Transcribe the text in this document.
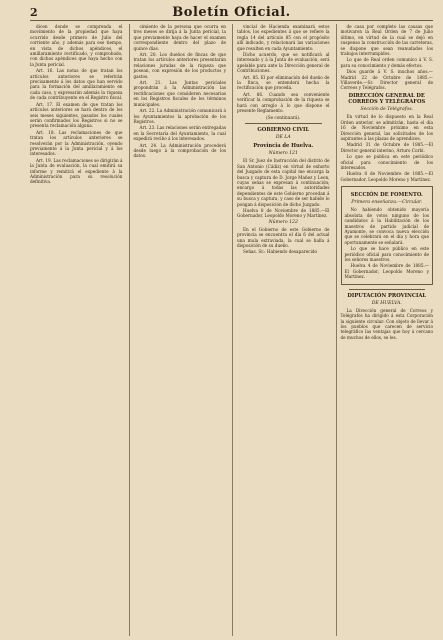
2	Boletín Oficial.

dicen donde se comprenda el movimiento de la propiedad que haya ocurrido desde primero de Julio del corriente año, y además para ese tiempo, en vista de dichos apéndices, el amillaramiento rectificado, y comprobado, con dichos apéndices que haya hecho con la Junta pericial.

Art. 16. Las notas de que tratan los artículos anteriores se referirán precisamente á los datos que han servido para la formación del amillaramiento en cada caso, y expresarán además la riqueza de cada contribuyente en el Registro fiscal.

Art. 17. El examen de que tratan los artículos anteriores se hará dentro de los seis meses siguientes, pasados los cuales serán confirmados los Registros si no se presenta reclamación alguna.

Art. 18. Las reclamaciones de que tratan los artículos anteriores se resolverán por la Administración, oyendo previamente á la Junta pericial y á los interesados.

Art. 19. Las reclamaciones se dirigirán á la Junta de evaluación, la cual emitirá su informe y remitirá el expediente á la Administración para su resolución definitiva.

cimiento de la persona que ocurra en tres meses se dirija á la Junta pericial, la que previamente haya de hacer el examen correspondiente dentro del plazo de quince días.

Art. 20. Los dueños de fincas de que tratan los artículos anteriores presentarán relaciones juradas de la riqueza que posean, con expresión de los productos y gastos.

Art. 21. Las Juntas periciales propondrán á la Administración las rectificaciones que consideren necesarias en los Registros fiscales de los términos municipales.

Art. 22. La Administración comunicará á los Ayuntamientos la aprobación de los Registros.

Art. 23. Las relaciones serán entregadas en la Secretaría del Ayuntamiento, la cual expedirá recibo á los interesados.

Art. 24. La Administración procederá desde luego á la comprobación de los datos.

vincial de Hacienda examinará estos tablos, los expedientes á que se refiere la regla 14 del artículo 85 con el propósito allí indicado, y relacionará las variaciones que resulten en cada Ayuntamiento.

Dicho acuerdo, que se notificará al interesado y á la Junta de evaluación, será apelable para ante la Dirección general de Contribuciones.

Art. 85. El por eliminación del dueño de la finca, se entenderá hecha la rectificación que proceda.

Art. 86. Cuando sea conveniente verificar la comprobación de la riqueza se hará con arreglo á lo que dispone el presente Reglamento.

(Se continuará).

GOBIERNO CIVIL
DE LA
Provincia de Huelva.
Número 121

El Sr. Juez de Instrucción del distrito de San Antonio (Cádiz) en virtud de exhorto del Juzgado de esta capital me encarga la busca y captura de D. Jorge Mañez y Leon, cuyas señas se expresan á continuación; encargo á todas las autoridades dependientes de este Gobierno procedan á su busca y captura, y caso de ser habido lo pongan á disposición de dicho Juzgado.

Huelva 8 de Noviembre de 1885.—El Gobernador, Leopoldo Moreno y Martínez.

Número 122

En el Gobierno de este Gobierno de provincia se encuentra el día 6 del actual una mula extraviada, la cual se halla á disposición de su dueño.

Señas. Sr.: Habiendo desaparecido

de casa por completo las causas que motivaron la Real Orden de 7 de Julio último, en virtud de la cual se dejó en suspenso la construcción de las carreteras, se dispone que sean reanudados los trabajos interrumpidos.

Lo que de Real orden comunico á V. S. para su conocimiento y demás efectos.

Dios guarde á V. S. muchos años.—Madrid 22 de Octubre de 1885.—Villaverde.—Sr. Director general de Correos y Telégrafos.

DIRECCIÓN GENERAL DE CORREOS Y TELÉGRAFOS
Sección de Telégrafos.

En virtud de lo dispuesto en la Real Orden anterior, se admitirán, hasta el día 16 de Noviembre próximo en esta Dirección general, las solicitudes de los aspirantes á las plazas de aprendices.

Madrid 31 de Octubre de 1885.—El Director general interino, Arturo Corbí.

Lo que se publica en este periódico oficial para conocimiento de los interesados.

Huelva 8 de Noviembre de 1885.—El Gobernador, Leopoldo Moreno y Martínez.

SECCIÓN DE FOMENTO.
Primera enseñanza.—Circular.

No habiendo obtenido mayoría absoluta de votos ninguno de los candidatos á la Habilitación de los maestros de partido judicial de Ayamonte, se convoca nueva elección que se celebrará en el día y hora que oportunamente se señalará.

Lo que se hace público en este periódico oficial para conocimiento de los señores maestros.

Huelva 4 de Noviembre de 1885.—El Gobernador, Leopoldo Moreno y Martínez.

DIPUTACIÓN PROVINCIAL
DE HUELVA.

La Dirección general de Correos y Telégrafos ha dirigido á esta Corporación la siguiente circular: Con objeto de llevar á los pueblos que carecen de servicio telegráfico las ventajas que hoy á cercano de muchos de ellos, se les.
